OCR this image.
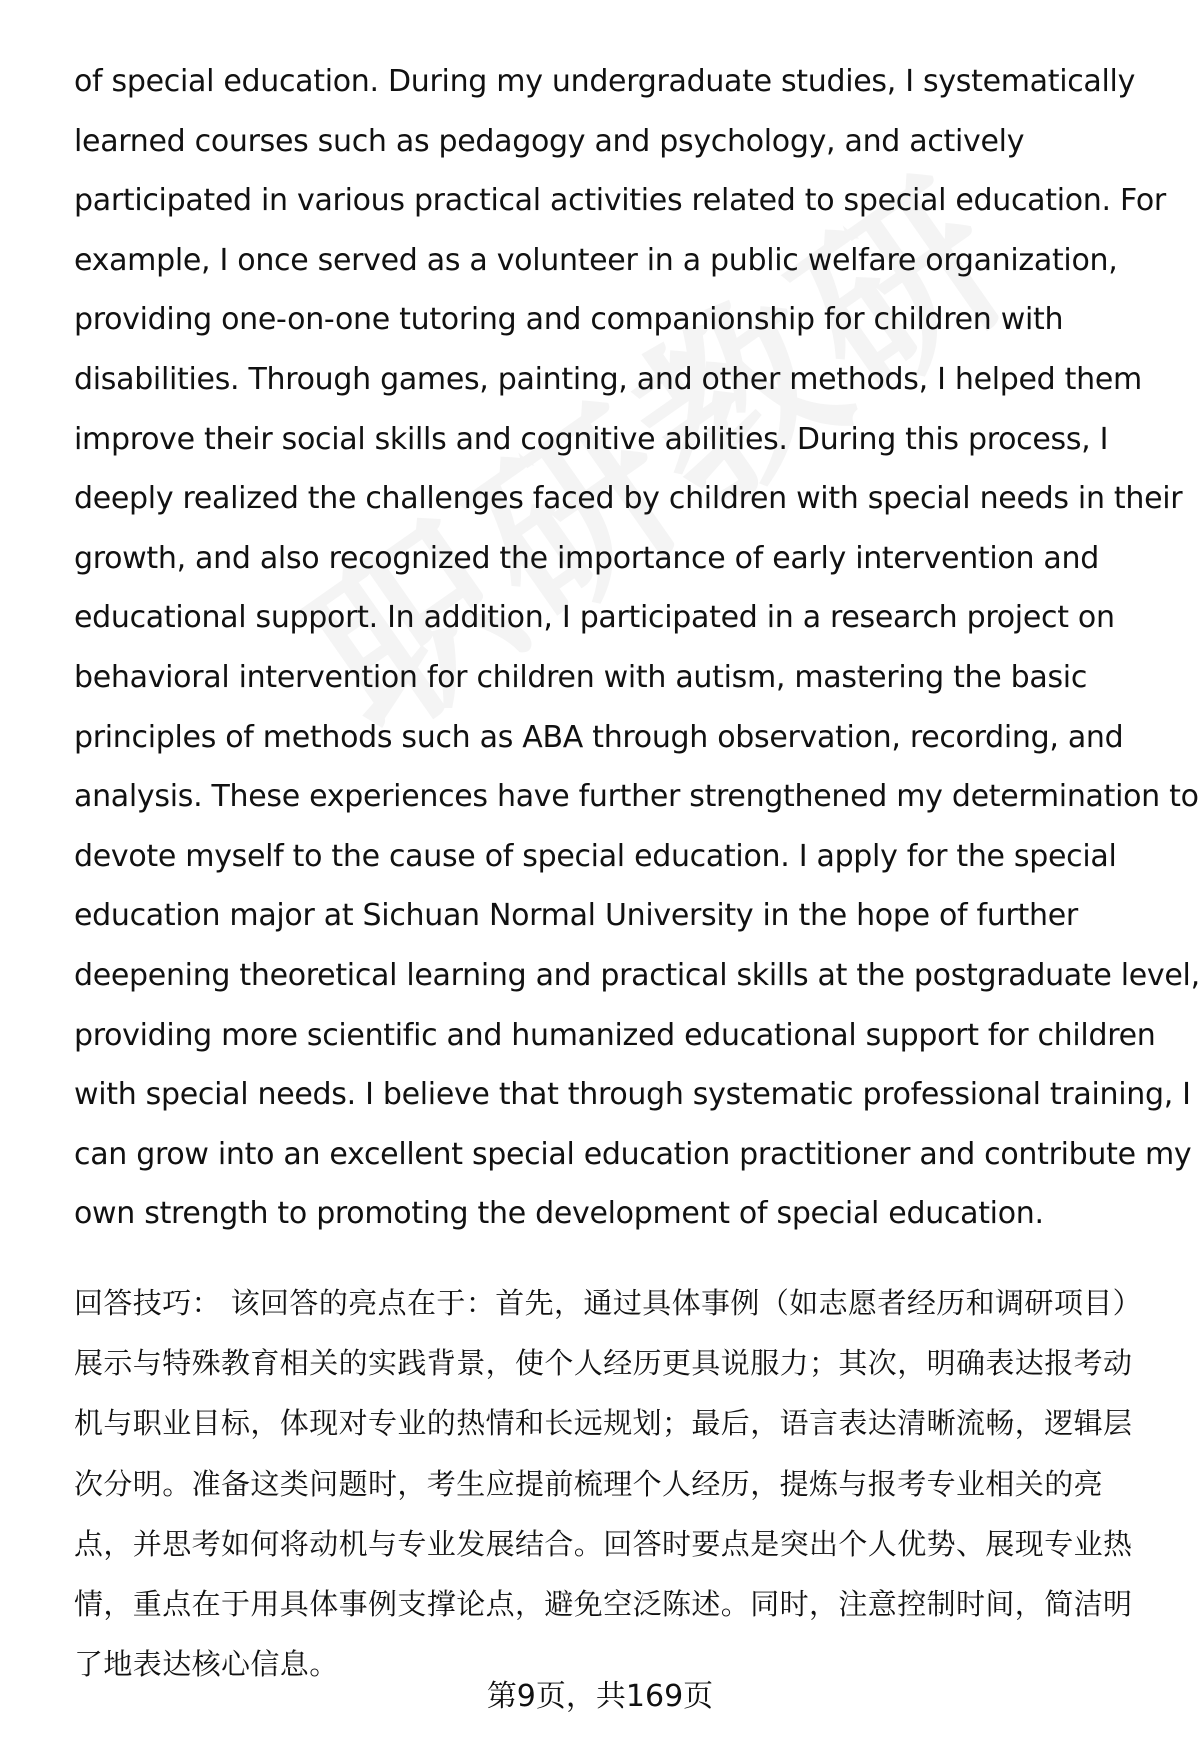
of special education. During my undergraduate studies, I systematically
learned courses such as pedagogy and psychology, and actively
participated in various practical activities related to special education. For
example, I once served as a volunteer in a public welfare organization,
providing one-on-one tutoring and companionship for children with
disabilities. Through games, painting, and other methods, I helped them
improve their social skills and cognitive abilities. During this process, I
deeply realized the challenges faced by children with special needs in their
growth, and also recognized the importance of early intervention and
educational support. In addition, I participated in a research project on
behavioral intervention for children with autism, mastering the basic
principles of methods such as ABA through observation, recording, and
analysis. These experiences have further strengthened my determination to
devote myself to the cause of special education. I apply for the special
education major at Sichuan Normal University in the hope of further
deepening theoretical learning and practical skills at the postgraduate level,
providing more scientific and humanized educational support for children
with special needs. I believe that through systematic professional training, I
can grow into an excellent special education practitioner and contribute my
own strength to promoting the development of special education.
回答技巧： 该回答的亮点在于：首先，通过具体事例（如志愿者经历和调研项目）
展示与特殊教育相关的实践背景，使个人经历更具说服力；其次，明确表达报考动
机与职业目标，体现对专业的热情和长远规划；最后，语言表达清晰流畅，逻辑层
次分明。准备这类问题时，考生应提前梳理个人经历，提炼与报考专业相关的亮
点，并思考如何将动机与专业发展结合。回答时要点是突出个人优势、展现专业热
情，重点在于用具体事例支撑论点，避免空泛陈述。同时，注意控制时间，简洁明
了地表达核心信息。
第9页，共169页
